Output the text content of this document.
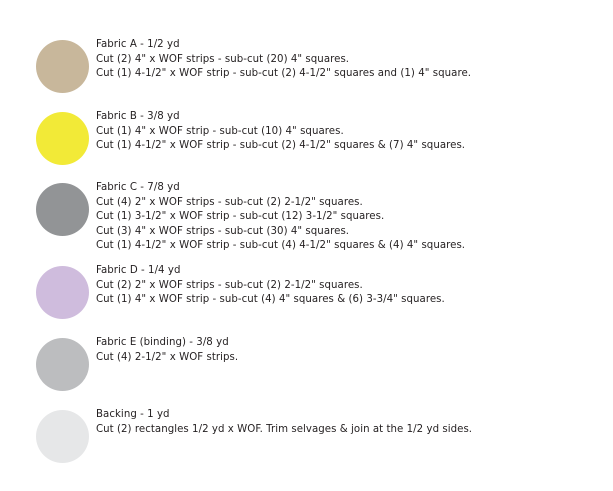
Fabric A - 1/2 yd
Cut (2) 4" x WOF strips - sub-cut (20) 4" squares.
Cut (1) 4-1/2" x WOF strip - sub-cut (2) 4-1/2" squares and (1) 4" square.
Fabric B - 3/8 yd
Cut (1) 4" x WOF strip - sub-cut (10) 4" squares.
Cut (1) 4-1/2" x WOF strip - sub-cut (2) 4-1/2" squares & (7) 4" squares.
Fabric C - 7/8 yd
Cut (4) 2" x WOF strips - sub-cut (2) 2-1/2" squares.
Cut (1) 3-1/2" x WOF strip - sub-cut (12) 3-1/2" squares.
Cut (3) 4" x WOF strips - sub-cut (30) 4" squares.
Cut (1) 4-1/2" x WOF strip - sub-cut (4) 4-1/2" squares & (4) 4" squares.
Fabric D - 1/4 yd
Cut (2) 2" x WOF strips - sub-cut (2) 2-1/2" squares.
Cut (1) 4" x WOF strip - sub-cut (4) 4" squares & (6) 3-3/4" squares.
Fabric E (binding) - 3/8 yd
Cut (4) 2-1/2" x WOF strips.
Backing - 1 yd
Cut (2) rectangles 1/2 yd x WOF. Trim selvages & join at the 1/2 yd sides.
